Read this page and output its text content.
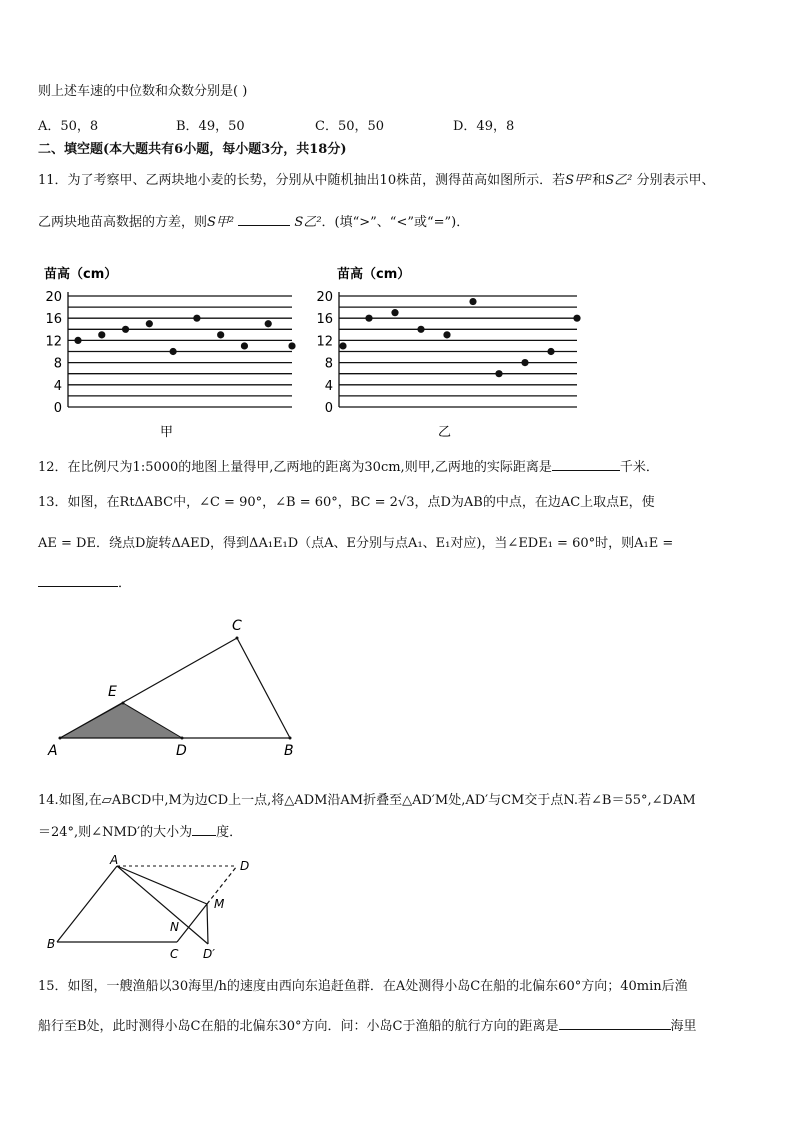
则上述车速的中位数和众数分别是( )
A．50，8	B．49，50	C．50，50	D．49，8
二、填空题(本大题共有6小题，每小题3分，共18分)
11．为了考察甲、乙两块地小麦的长势，分别从中随机抽出10株苗，测得苗高如图所示．若S甲²和S乙² 分别表示甲、
乙两块地苗高数据的方差，则S甲²	S乙²．(填“>”、“<”或“=”)．
苗高（cm）
0
4
8
12
16
20
甲
苗高（cm）
0
4
8
12
16
20
乙
12．在比例尺为1:5000的地图上量得甲,乙两地的距离为30cm,则甲,乙两地的实际距离是	千米．
13．如图，在RtΔABC中，∠C = 90°，∠B = 60°，BC = 2√3，点D为AB的中点，在边AC上取点E，使
AE = DE．绕点D旋转ΔAED，得到ΔA₁E₁D（点A、E分别与点A₁、E₁对应)，当∠EDE₁ = 60°时，则A₁E =
．
A	D	B
C
E
14.如图,在▱ABCD中,M为边CD上一点,将△ADM沿AM折叠至△AD′M处,AD′与CM交于点N.若∠B＝55°,∠DAM
＝24°,则∠NMD′的大小为 度．
A	D
B
C
M
N
D′
15．如图，一艘渔船以30海里/h的速度由西向东追赶鱼群．在A处测得小岛C在船的北偏东60°方向；40min后渔
船行至B处，此时测得小岛C在船的北偏东30°方向．问：小岛C于渔船的航行方向的距离是	海里
